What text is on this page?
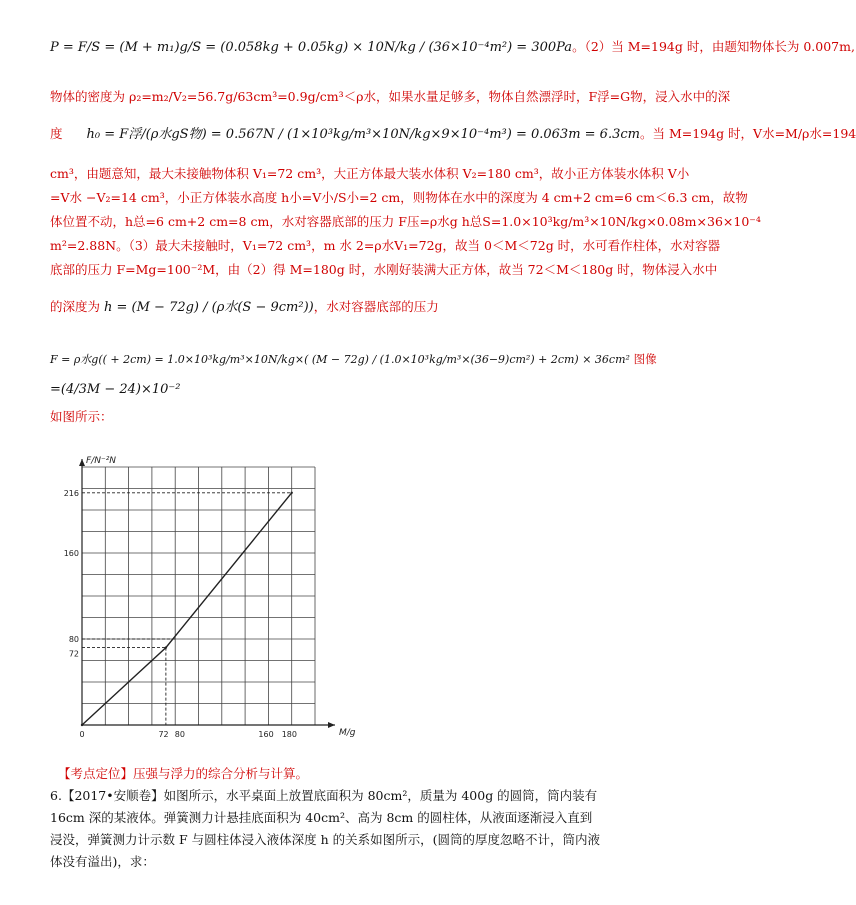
P = F/S = (M + m₁)g/S = (0.058kg + 0.05kg) × 10N/kg / (36×10⁻⁴m²) = 300Pa。（2）当 M=194g 时，由题知物体长为 0.007m,
物体的密度为 ρ₂=m₂/V₂=56.7g/63cm³=0.9g/cm³＜ρ水，如果水量足够多，物体自然漂浮时，F浮=G物，浸入水中的深
度 h₀ = F浮/(ρ水gS物) = 0.567N / (1×10³kg/m³×10N/kg×9×10⁻⁴m³) = 0.063m = 6.3cm。当 M=194g 时，V水=M/ρ水=194
cm³，由题意知，最大未接触物体积 V₁=72 cm³，大正方体最大装水体积 V₂=180 cm³，故小正方体装水体积 V小
=V水 −V₂=14 cm³，小正方体装水高度 h小=V小/S小=2 cm，则物体在水中的深度为 4 cm+2 cm=6 cm＜6.3 cm，故物
体位置不动，h总=6 cm+2 cm=8 cm，水对容器底部的压力 F压=ρ水g h总S=1.0×10³kg/m³×10N/kg×0.08m×36×10⁻⁴
m²=2.88N。（3）最大未接触时，V₁=72 cm³，m 水 2=ρ水V₁=72g，故当 0＜M＜72g 时，水可看作柱体，水对容器
底部的压力 F=Mg=100⁻²M，由（2）得 M=180g 时，水刚好装满大正方体，故当 72＜M＜180g 时，物体浸入水中
的深度为 h = (M − 72g) / (ρ水(S − 9cm²))，水对容器底部的压力
F = ρ水g(( + 2cm) = 1.0×10³kg/m³×10N/kg×( (M − 72g) / (1.0×10³kg/m³×(36−9)cm²) + 2cm) × 36cm² 图像
=(4/3M − 24)×10⁻²
如图所示：
F/N⁻²N
M/g
72
80
160
216
0	72 80	160 180
【考点定位】压强与浮力的综合分析与计算。
6.【2017•安顺卷】如图所示，水平桌面上放置底面积为 80cm²，质量为 400g 的圆筒，筒内装有 16cm 深的某液体。弹簧测力计悬挂底面积为 40cm²、高为 8cm 的圆柱体，从液面逐渐浸入直到浸没，弹簧测力计示数 F 与圆柱体浸入液体深度 h 的关系如图所示，(圆筒的厚度忽略不计，筒内液体没有溢出)，求：
